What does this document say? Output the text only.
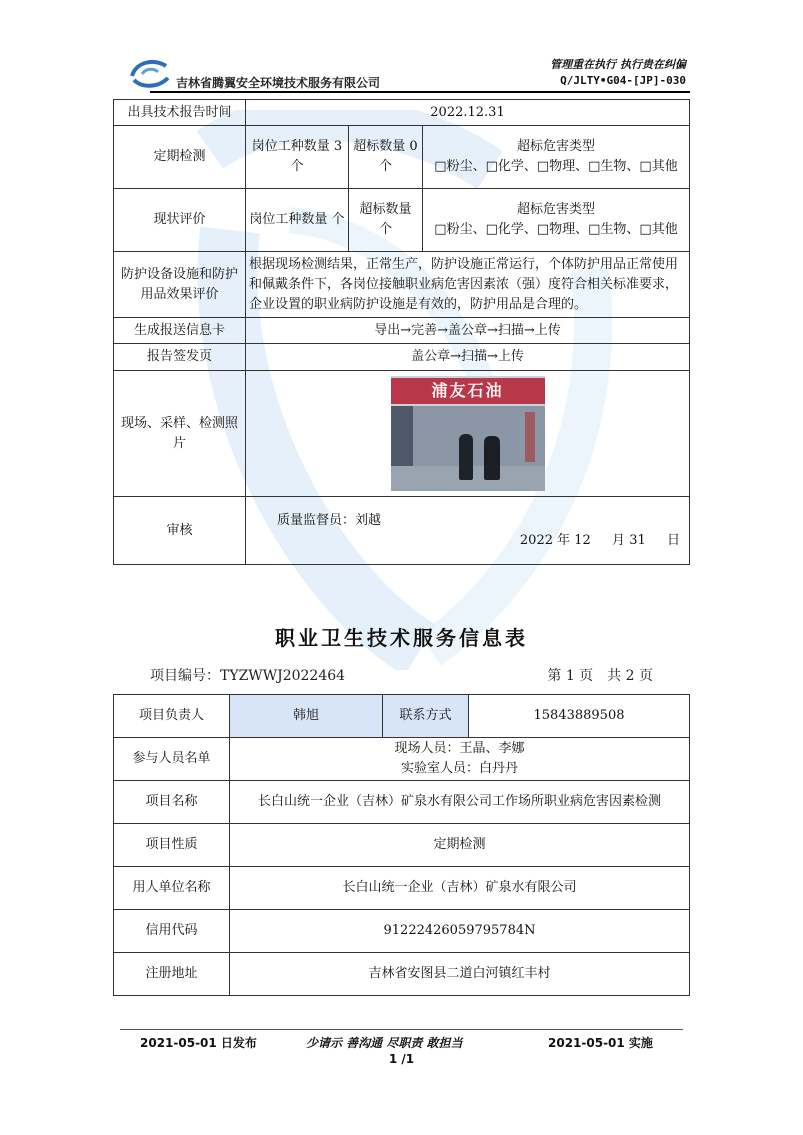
吉林省腾翼安全环境技术服务有限公司
管理重在执行 执行贵在纠偏
Q/JLTY•G04-[JP]-030
出具技术报告时间	2022.12.31		
定期检测	岗位工种数量 3 个	超标数量 0 个	超标危害类型
□粉尘、□化学、□物理、□生物、□其他

现状评价	岗位工种数量 个	超标数量 个	超标危害类型
□粉尘、□化学、□物理、□生物、□其他

防护设备设施和防护用品效果评价	根据现场检测结果，正常生产，防护设施正常运行，个体防护用品正常使用和佩戴条件下，各岗位接触职业病危害因素浓（强）度符合相关标准要求，企业设置的职业病防护设施是有效的，防护用品是合理的。		
生成报送信息卡	导出→完善→盖公章→扫描→上传		
报告签发页	盖公章→扫描→上传		
现场、采样、检测照片	浦友石油		

审核	质量监督员：刘越
2022 年 12 　 月 31 　 日		
职业卫生技术服务信息表
项目编号：TYZWWJ2022464	第 1 页　共 2 页
项目负责人	韩旭	联系方式	15843889508
参与人员名单	现场人员：王晶、李娜
实验室人员：白丹丹		

项目名称	长白山统一企业（吉林）矿泉水有限公司工作场所职业病危害因素检测		
项目性质	定期检测		
用人单位名称	长白山统一企业（吉林）矿泉水有限公司		
信用代码	91222426059795784N		
注册地址	吉林省安图县二道白河镇红丰村		
2021-05-01 日发布	少请示 善沟通 尽职责 敢担当	2021-05-01 实施
1 /1
